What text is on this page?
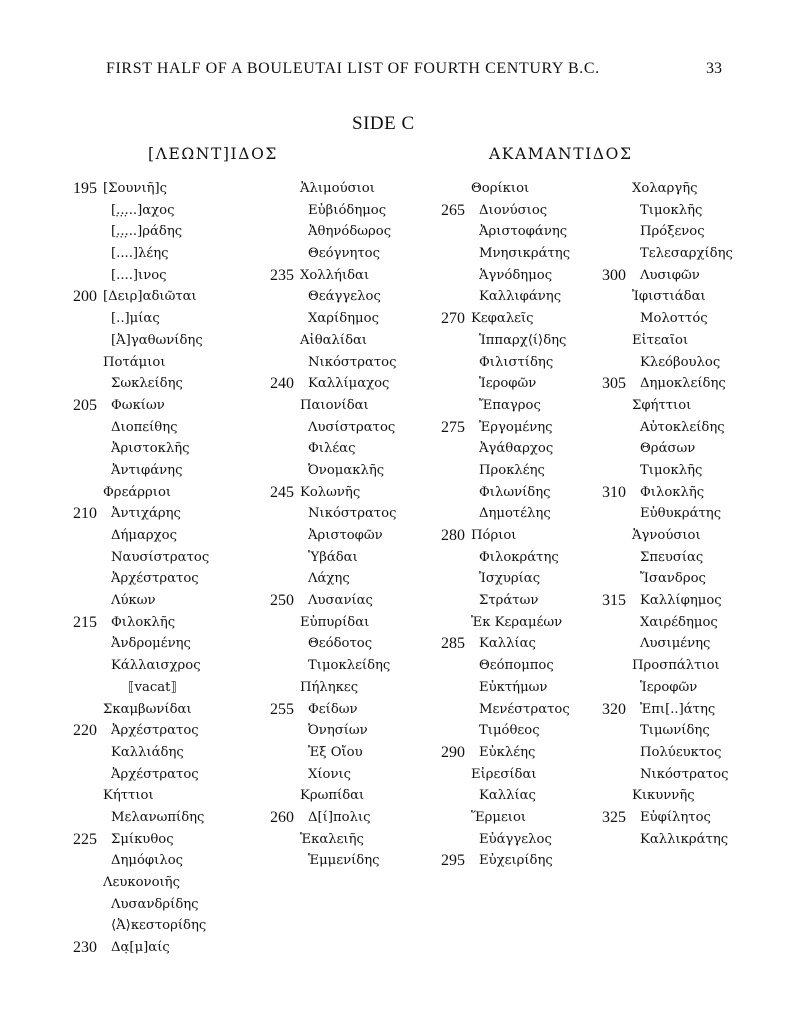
FIRST HALF OF A BOULEUTAI LIST OF FOURTH CENTURY B.C.	33
SIDE C
[ΛΕΩΝΤ]ΙΔΟΣ	ΑΚΑΜΑΝΤΙΔΟΣ
195 [Σουνιῆ]ς
[.̣.̣.̣..]αχος
[.̣.̣.̣..]ράδης
[....]λέης
[....]ινος
200 [Δειρ]αδιῶται
[..]μίας
[Ἀ]γαθωνίδης
Ποτάμιοι
Σωκλείδης
205 Φωκίων
Διοπείθης
Ἀριστοκλῆς
Ἀντιφάνης
Φρεάρριοι
210 Ἀντιχάρης
Δήμαρχος
Ναυσίστρατος
Ἀρχέστρατος
Λύκων
215 Φιλοκλῆς
Ἀνδρομένης
Κάλλαισχρος
⟦vacat⟧
Σκαμβωνίδαι
220 Ἀρχέστρατος
Καλλιάδης
Ἀρχέστρατος
Κήττιοι
Μελανωπίδης
225 Σμίκυθος
Δημόφιλος
Λευκονοιῆς
Λυσανδρίδης
⟨Ἀ⟩κεστορίδης
230 Δα̣[μ]αίς
Ἁλιμούσιοι
Εὐβιόδημος
Ἀθηνόδωρος
Θεόγνητος
235 Χολλήιδαι
Θεάγγελος
Χαρίδημος
Αἰθαλίδαι
Νικόστρατος
240 Καλλίμαχος
Παιονίδαι
Λυσίστρατος
Φιλέας
Ὀνομακλῆς
245 Κολωνῆς
Νικόστρατος
Ἀριστοφῶν
Ὑβάδαι
Λάχης
250 Λυσανίας
Εὐπυρίδαι
Θεόδοτος
Τιμοκλείδης
Πήληκες
255 Φείδων
Ὀνησίων
Ἐξ Οἴου
Χίονις
Κρωπίδαι
260 Δ[ί]πολις
Ἑκαλειῆς
Ἑμμενίδης
Θορίκιοι
265 Διονύσιος
Ἀριστοφάνης
Μνησικράτης
Ἁγνόδημος
Καλλιφάνης
270 Κεφαλεῖς
Ἱππαρχ⟨ί⟩δης
Φιλιστίδης
Ἱεροφῶν
Ἔπαγρος
275 Ἐργομένης
Ἀγάθαρχος
Προκλέης
Φιλωνίδης
Δημοτέλης
280 Πόριοι
Φιλοκράτης
Ἰσχυρίας
Στράτων
Ἐκ Κεραμέων
285 Καλλίας
Θεόπομπος
Εὐκτήμων
Μενέστρατος
Τιμόθεος
290 Εὐκλέης
Εἰρεσίδαι
Καλλίας
Ἕρμειοι
Εὐάγγελος
295 Εὐχειρίδης
Χολαργῆς
Τιμοκλῆς
Πρόξενος
Τελεσαρχίδης
300 Λυσιφῶν
Ἰφιστιάδαι
Μολοττός
Εἰτεαῖοι
Κλεόβουλος
305 Δημοκλείδης
Σφήττιοι
Αὐτοκλείδης
Θράσων
Τιμοκλῆς
310 Φιλοκλῆς
Εὐθυκράτης
Ἁγνούσιοι
Σπευσίας
Ἴσανδρος
315 Καλλίφημος
Χαιρέδημος
Λυσιμένης
Προσπάλτιοι
Ἱεροφῶν
320 Ἐπι[..]άτης
Τιμωνίδης
Πολύευκτος
Νικόστρατος
Κικυννῆς
325 Εὐφίλητος
Καλλικράτης
